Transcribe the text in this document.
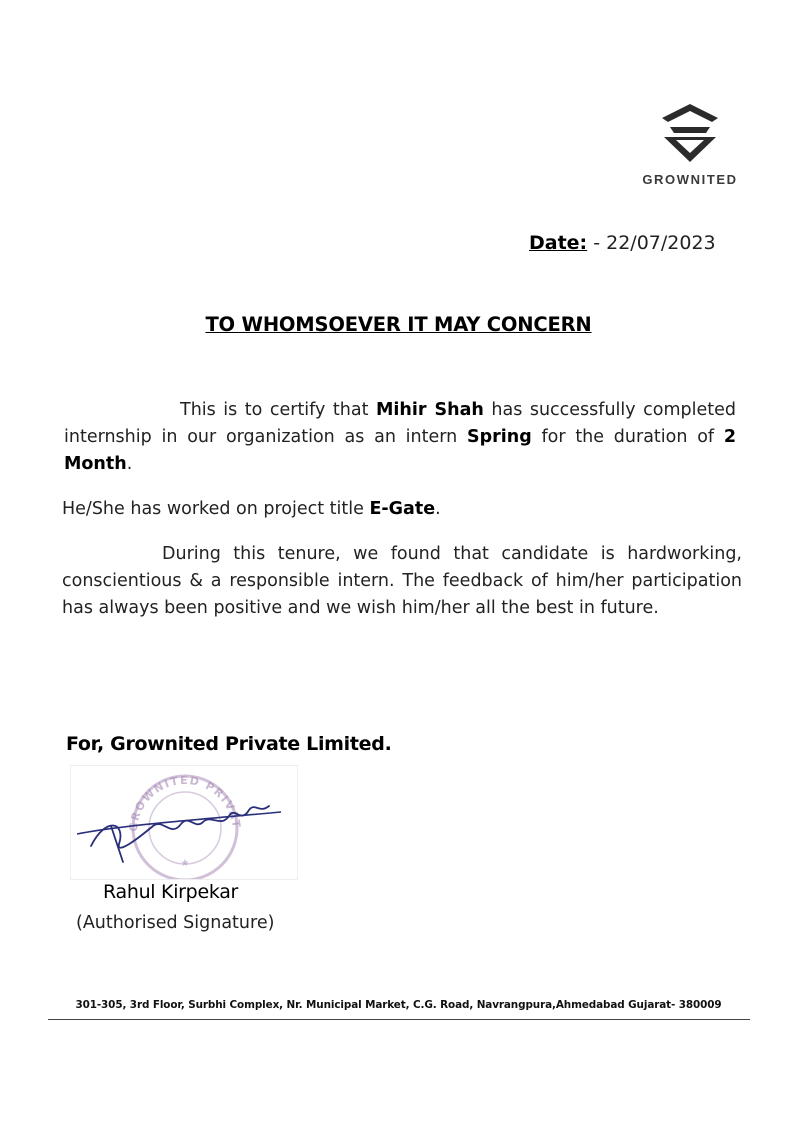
GROWNITED
Date: - 22/07/2023
TO WHOMSOEVER IT MAY CONCERN
This is to certify that Mihir Shah has successfully completed internship in our organization as an intern Spring for the duration of 2 Month.
He/She has worked on project title E-Gate.
During this tenure, we found that candidate is hardworking, conscientious & a responsible intern. The feedback of him/her participation has always been positive and we wish him/her all the best in future.
For, Grownited Private Limited.
GROWNITED PRIVAT
★
Rahul Kirpekar
(Authorised Signature)
301-305, 3rd Floor, Surbhi Complex, Nr. Municipal Market, C.G. Road, Navrangpura,Ahmedabad Gujarat- 380009
